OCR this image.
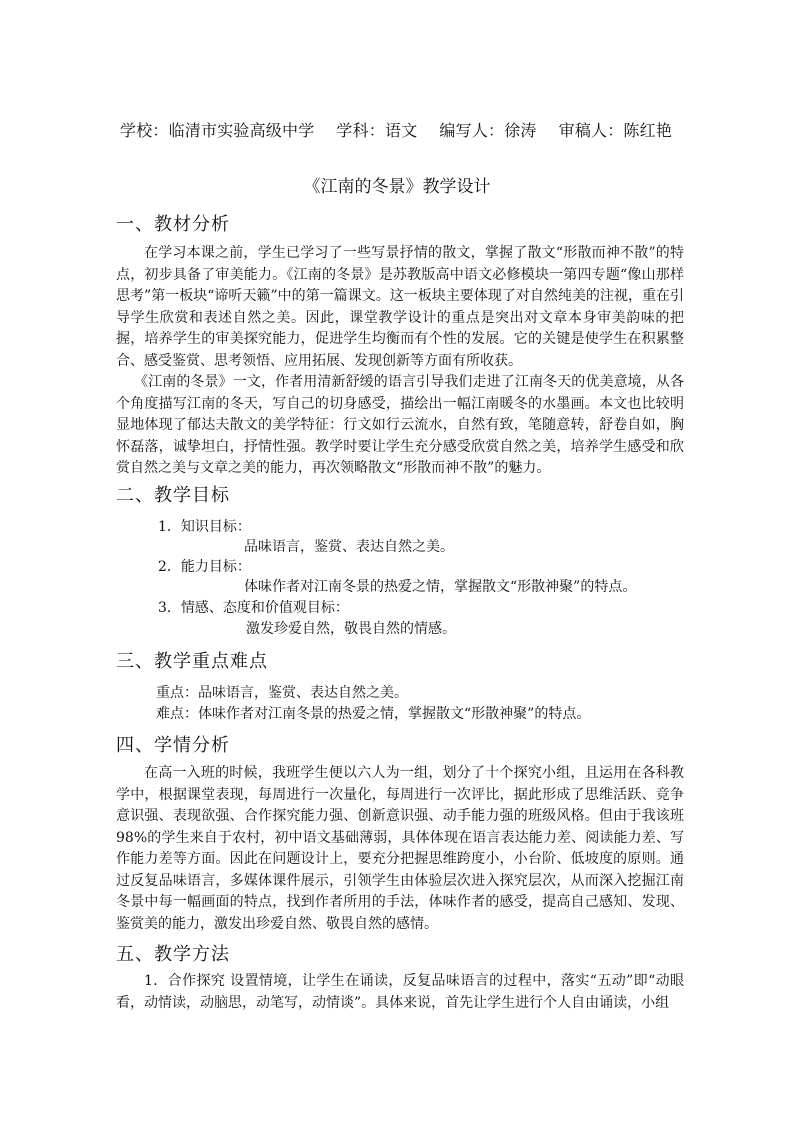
学校：临清市实验高级中学 学科：语文 编写人：徐涛 审稿人：陈红艳
《江南的冬景》教学设计
一、教材分析
在学习本课之前，学生已学习了一些写景抒情的散文，掌握了散文“形散而神不散”的特点，初步具备了审美能力。《江南的冬景》是苏教版高中语文必修模块一第四专题“像山那样思考”第一板块“谛听天籁”中的第一篇课文。这一板块主要体现了对自然纯美的注视，重在引导学生欣赏和表述自然之美。因此，课堂教学设计的重点是突出对文章本身审美韵味的把握，培养学生的审美探究能力，促进学生均衡而有个性的发展。它的关键是使学生在积累整合、感受鉴赏、思考领悟、应用拓展、发现创新等方面有所收获。
《江南的冬景》一文，作者用清新舒缓的语言引导我们走进了江南冬天的优美意境，从各个角度描写江南的冬天，写自己的切身感受，描绘出一幅江南暖冬的水墨画。本文也比较明显地体现了郁达夫散文的美学特征：行文如行云流水，自然有致，笔随意转，舒卷自如，胸怀磊落，诚挚坦白，抒情性强。教学时要让学生充分感受欣赏自然之美，培养学生感受和欣赏自然之美与文章之美的能力，再次领略散文“形散而神不散”的魅力。
二、教学目标
1．知识目标：
品味语言，鉴赏、表达自然之美。
2．能力目标：
体味作者对江南冬景的热爱之情，掌握散文“形散神聚”的特点。
3．情感、态度和价值观目标：
激发珍爱自然，敬畏自然的情感。
三、教学重点难点
重点：品味语言，鉴赏、表达自然之美。
难点：体味作者对江南冬景的热爱之情，掌握散文“形散神聚”的特点。
四、学情分析
在高一入班的时候，我班学生便以六人为一组，划分了十个探究小组，且运用在各科教学中，根据课堂表现，每周进行一次量化，每周进行一次评比，据此形成了思维活跃、竞争意识强、表现欲强、合作探究能力强、创新意识强、动手能力强的班级风格。但由于我该班98%的学生来自于农村，初中语文基础薄弱，具体体现在语言表达能力差、阅读能力差、写作能力差等方面。因此在问题设计上，要充分把握思维跨度小，小台阶、低坡度的原则。通过反复品味语言，多媒体课件展示，引领学生由体验层次进入探究层次，从而深入挖掘江南冬景中每一幅画面的特点，找到作者所用的手法，体味作者的感受，提高自己感知、发现、鉴赏美的能力，激发出珍爱自然、敬畏自然的感情。
五、教学方法
1．合作探究 设置情境，让学生在诵读，反复品味语言的过程中，落实“五动”即“动眼看，动情读，动脑思，动笔写，动情谈”。具体来说，首先让学生进行个人自由诵读，小组
